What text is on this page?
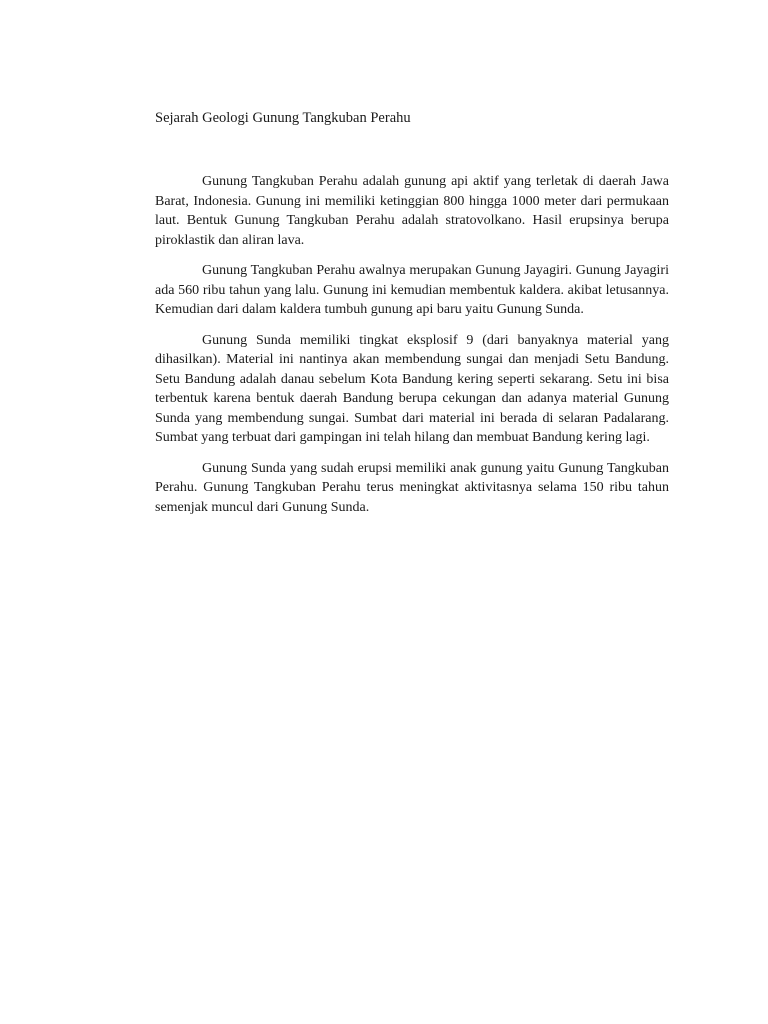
Sejarah Geologi Gunung Tangkuban Perahu

Gunung Tangkuban Perahu adalah gunung api aktif yang terletak di daerah Jawa Barat, Indonesia. Gunung ini memiliki ketinggian 800 hingga 1000 meter dari permukaan laut. Bentuk Gunung Tangkuban Perahu adalah stratovolkano. Hasil erupsinya berupa piroklastik dan aliran lava.

Gunung Tangkuban Perahu awalnya merupakan Gunung Jayagiri. Gunung Jayagiri ada 560 ribu tahun yang lalu. Gunung ini kemudian membentuk kaldera. akibat letusannya. Kemudian dari dalam kaldera tumbuh gunung api baru yaitu Gunung Sunda.

Gunung Sunda memiliki tingkat eksplosif 9 (dari banyaknya material yang dihasilkan). Material ini nantinya akan membendung sungai dan menjadi Setu Bandung. Setu Bandung adalah danau sebelum Kota Bandung kering seperti sekarang. Setu ini bisa terbentuk karena bentuk daerah Bandung berupa cekungan dan adanya material Gunung Sunda yang membendung sungai. Sumbat dari material ini berada di selaran Padalarang. Sumbat yang terbuat dari gampingan ini telah hilang dan membuat Bandung kering lagi.

Gunung Sunda yang sudah erupsi memiliki anak gunung yaitu Gunung Tangkuban Perahu. Gunung Tangkuban Perahu terus meningkat aktivitasnya selama 150 ribu tahun semenjak muncul dari Gunung Sunda.
